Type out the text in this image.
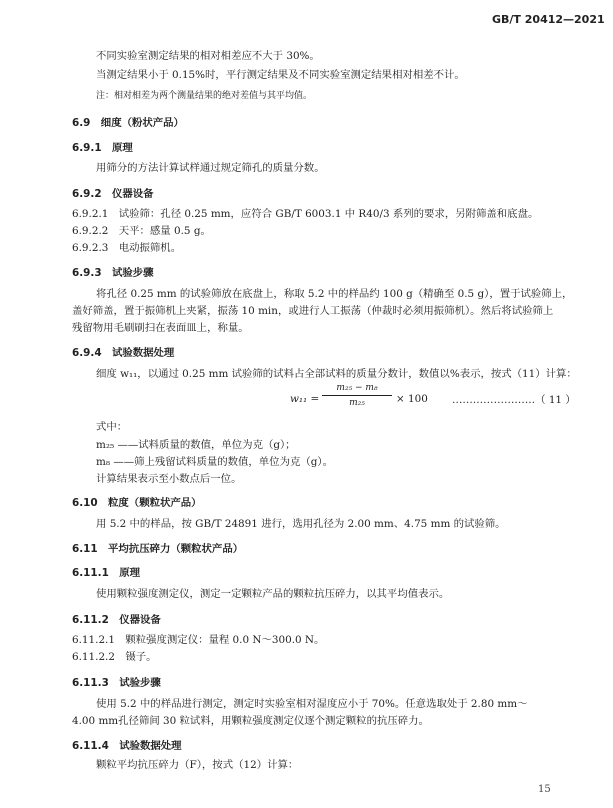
GB/T 20412—2021
不同实验室测定结果的相对相差应不大于 30%。
当测定结果小于 0.15%时，平行测定结果及不同实验室测定结果相对相差不计。
注：相对相差为两个测量结果的绝对差值与其平均值。
6.9　细度（粉状产品）
6.9.1　原理
用筛分的方法计算试样通过规定筛孔的质量分数。
6.9.2　仪器设备
6.9.2.1　试验筛：孔径 0.25 mm，应符合 GB/T 6003.1 中 R40/3 系列的要求，另附筛盖和底盘。
6.9.2.2　天平：感量 0.5 g。
6.9.2.3　电动振筛机。
6.9.3　试验步骤
将孔径 0.25 mm 的试验筛放在底盘上，称取 5.2 中的样品约 100 g（精确至 0.5 g），置于试验筛上，
盖好筛盖，置于振筛机上夹紧，振荡 10 min，或进行人工振荡（仲裁时必须用振筛机）。然后将试验筛上
残留物用毛刷刷扫在表面皿上，称量。
6.9.4　试验数据处理
细度 w₁₁，以通过 0.25 mm 试验筛的试料占全部试料的质量分数计，数值以%表示，按式（11）计算：
w₁₁ =
m₂₅ − m₈
m₂₅	× 100 ……………………（ 11 ）
式中：
m₂₅ ——试料质量的数值，单位为克（g）；
m₈ ——筛上残留试料质量的数值，单位为克（g）。
计算结果表示至小数点后一位。
6.10　粒度（颗粒状产品）
用 5.2 中的样品，按 GB/T 24891 进行，选用孔径为 2.00 mm、4.75 mm 的试验筛。
6.11　平均抗压碎力（颗粒状产品）
6.11.1　原理
使用颗粒强度测定仪，测定一定颗粒产品的颗粒抗压碎力，以其平均值表示。
6.11.2　仪器设备
6.11.2.1　颗粒强度测定仪：量程 0.0 N～300.0 N。
6.11.2.2　镊子。
6.11.3　试验步骤
使用 5.2 中的样品进行测定，测定时实验室相对湿度应小于 70%。任意选取处于 2.80 mm～
4.00 mm孔径筛间 30 粒试料，用颗粒强度测定仪逐个测定颗粒的抗压碎力。
6.11.4　试验数据处理
颗粒平均抗压碎力（F），按式（12）计算：
15
